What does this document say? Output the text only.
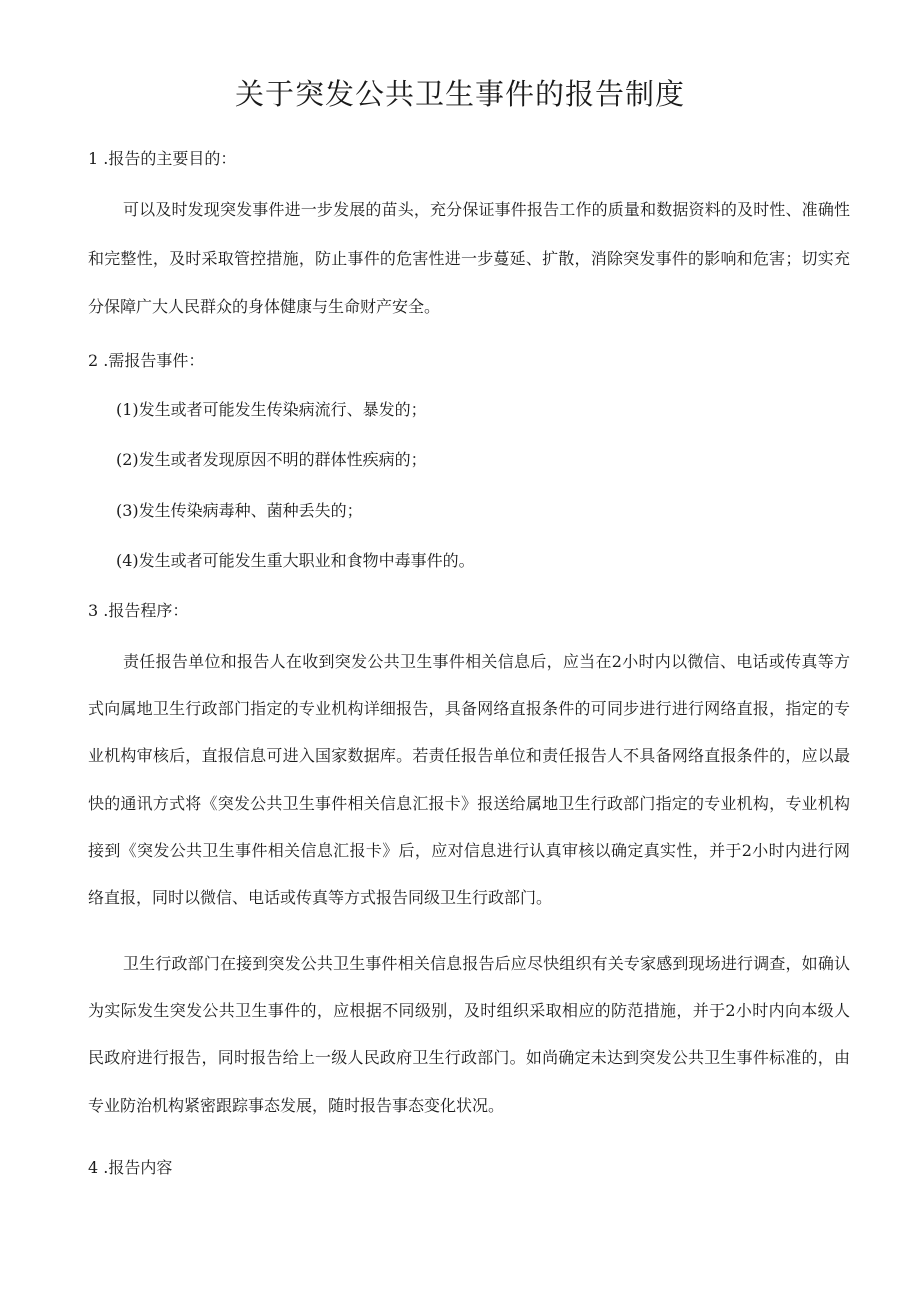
关于突发公共卫生事件的报告制度

1 .报告的主要目的：

可以及时发现突发事件进一步发展的苗头，充分保证事件报告工作的质量和数据资料的及时性、准确性和完整性，及时采取管控措施，防止事件的危害性进一步蔓延、扩散，消除突发事件的影响和危害；切实充分保障广大人民群众的身体健康与生命财产安全。

2 .需报告事件：

(1)发生或者可能发生传染病流行、暴发的；

(2)发生或者发现原因不明的群体性疾病的；

(3)发生传染病毒种、菌种丢失的；

(4)发生或者可能发生重大职业和食物中毒事件的。

3 .报告程序：

责任报告单位和报告人在收到突发公共卫生事件相关信息后，应当在2小时内以微信、电话或传真等方式向属地卫生行政部门指定的专业机构详细报告，具备网络直报条件的可同步进行进行网络直报，指定的专业机构审核后，直报信息可进入国家数据库。若责任报告单位和责任报告人不具备网络直报条件的，应以最快的通讯方式将《突发公共卫生事件相关信息汇报卡》报送给属地卫生行政部门指定的专业机构，专业机构接到《突发公共卫生事件相关信息汇报卡》后，应对信息进行认真审核以确定真实性，并于2小时内进行网络直报，同时以微信、电话或传真等方式报告同级卫生行政部门。

卫生行政部门在接到突发公共卫生事件相关信息报告后应尽快组织有关专家感到现场进行调查，如确认为实际发生突发公共卫生事件的，应根据不同级别，及时组织采取相应的防范措施，并于2小时内向本级人民政府进行报告，同时报告给上一级人民政府卫生行政部门。如尚确定未达到突发公共卫生事件标准的，由专业防治机构紧密跟踪事态发展，随时报告事态变化状况。

4 .报告内容
